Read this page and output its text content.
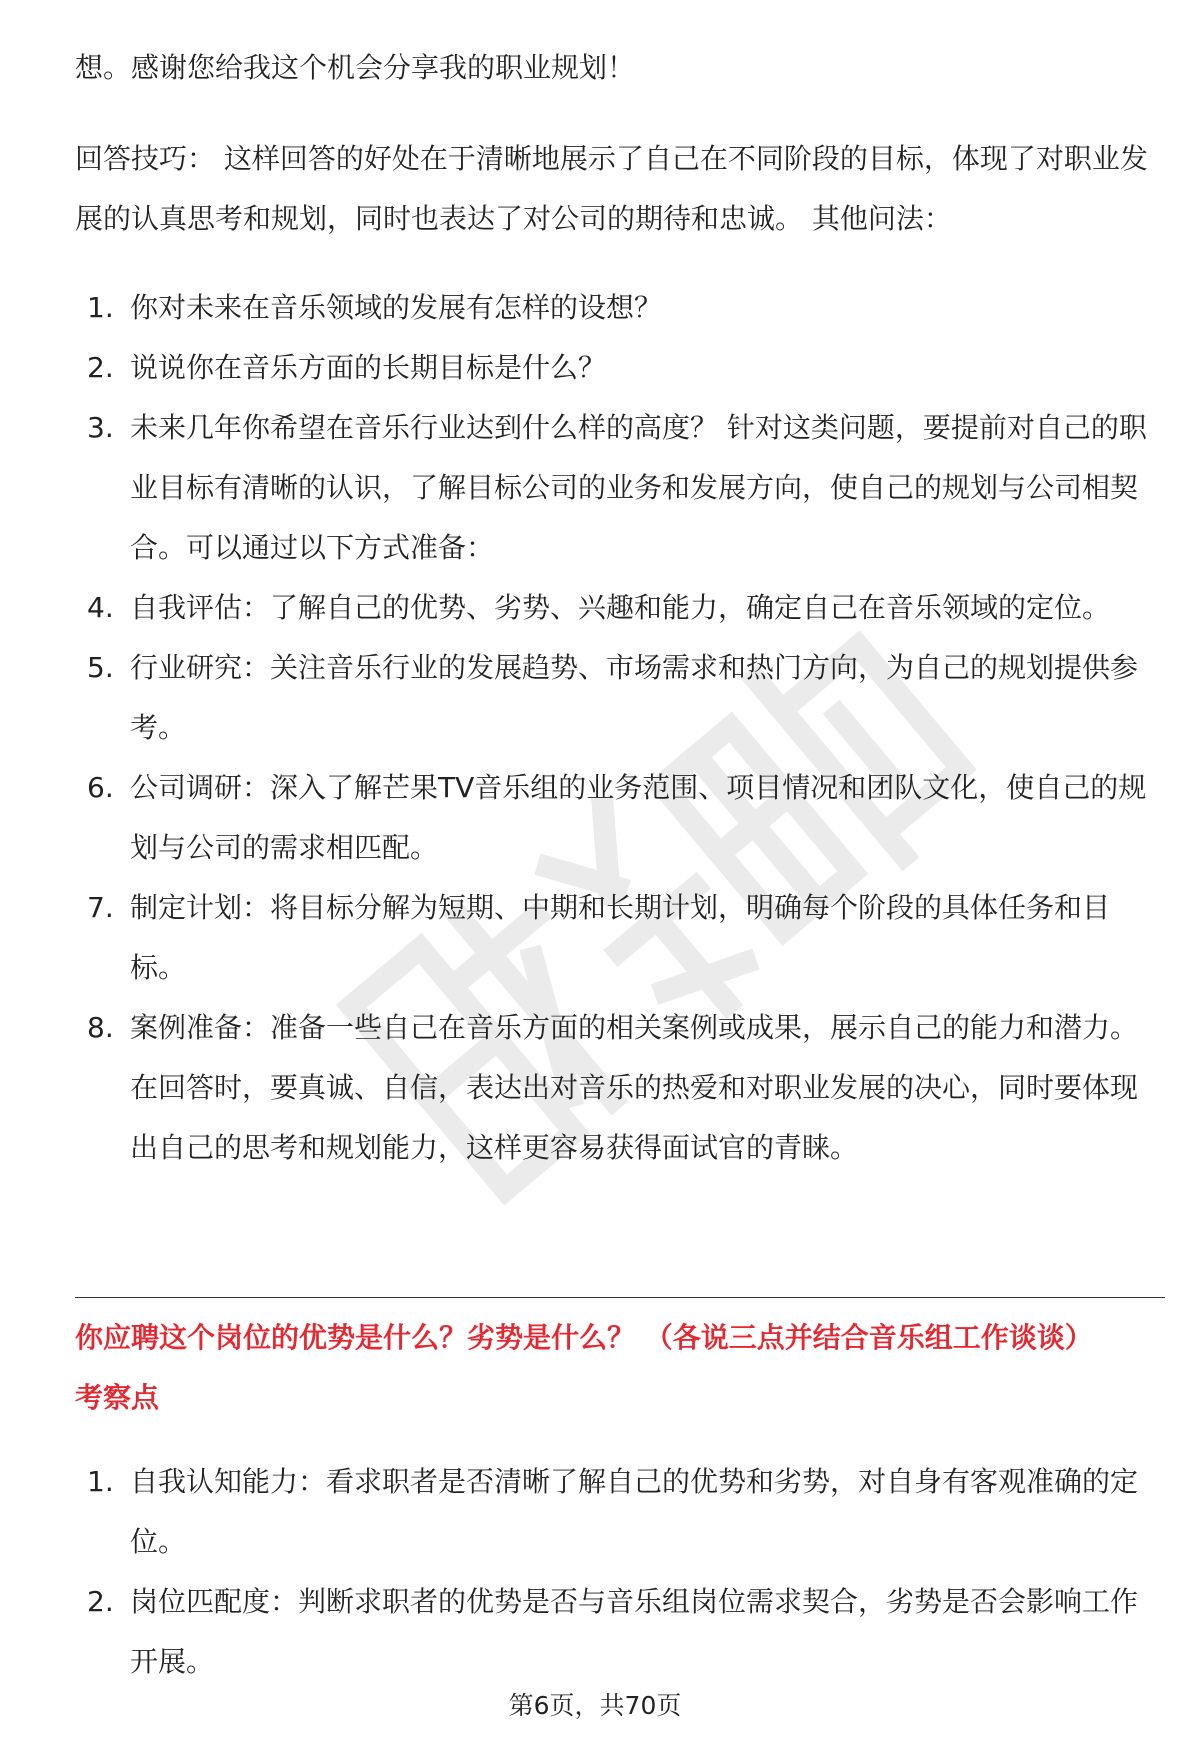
想。感谢您给我这个机会分享我的职业规划！

回答技巧： 这样回答的好处在于清晰地展示了自己在不同阶段的目标，体现了对职业发展的认真思考和规划，同时也表达了对公司的期待和忠诚。 其他问法：

1. 你对未来在音乐领域的发展有怎样的设想？
2. 说说你在音乐方面的长期目标是什么？
3. 未来几年你希望在音乐行业达到什么样的高度？ 针对这类问题，要提前对自己的职业目标有清晰的认识，了解目标公司的业务和发展方向，使自己的规划与公司相契合。可以通过以下方式准备：
4. 自我评估：了解自己的优势、劣势、兴趣和能力，确定自己在音乐领域的定位。
5. 行业研究：关注音乐行业的发展趋势、市场需求和热门方向，为自己的规划提供参考。
6. 公司调研：深入了解芒果TV音乐组的业务范围、项目情况和团队文化，使自己的规划与公司的需求相匹配。
7. 制定计划：将目标分解为短期、中期和长期计划，明确每个阶段的具体任务和目标。
8. 案例准备：准备一些自己在音乐方面的相关案例或成果，展示自己的能力和潜力。 在回答时，要真诚、自信，表达出对音乐的热爱和对职业发展的决心，同时要体现出自己的思考和规划能力，这样更容易获得面试官的青睐。
你应聘这个岗位的优势是什么？劣势是什么？ （各说三点并结合音乐组工作谈谈）
考察点
1. 自我认知能力：看求职者是否清晰了解自己的优势和劣势，对自身有客观准确的定位。
2. 岗位匹配度：判断求职者的优势是否与音乐组岗位需求契合，劣势是否会影响工作开展。
第6页，共70页
